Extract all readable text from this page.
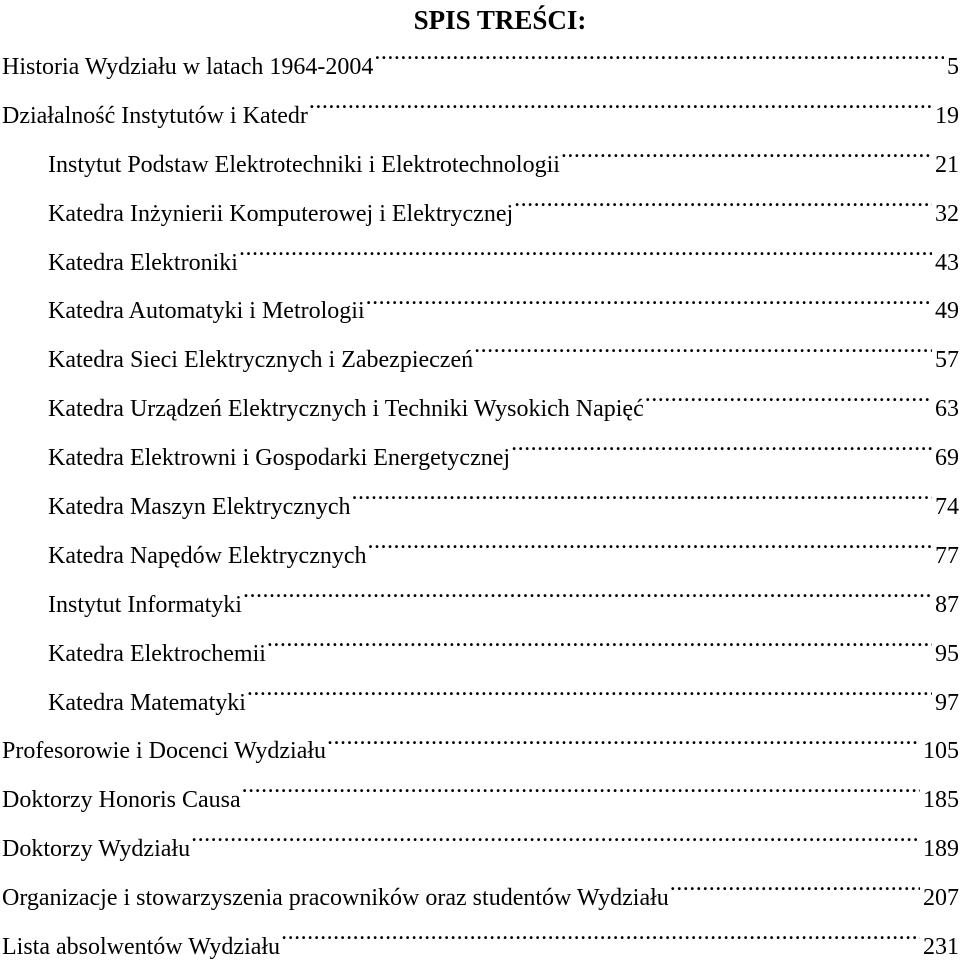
SPIS TREŚCI:
Historia Wydziału w latach 1964-2004 .....	5
Działalność Instytutów i Katedr .....	19
Instytut Podstaw Elektrotechniki i Elektrotechnologii .....	21
Katedra Inżynierii Komputerowej i Elektrycznej .....	32
Katedra Elektroniki .....	43
Katedra Automatyki i Metrologii .....	49
Katedra Sieci Elektrycznych i Zabezpieczeń .....	57
Katedra Urządzeń Elektrycznych i Techniki Wysokich Napięć .....	63
Katedra Elektrowni i Gospodarki Energetycznej .....	69
Katedra Maszyn Elektrycznych .....	74
Katedra Napędów Elektrycznych .....	77
Instytut Informatyki .....	87
Katedra Elektrochemii .....	95
Katedra Matematyki .....	97
Profesorowie i Docenci Wydziału .....	105
Doktorzy Honoris Causa .....	185
Doktorzy Wydziału .....	189
Organizacje i stowarzyszenia pracowników oraz studentów Wydziału .....	207
Lista absolwentów Wydziału .....	231
